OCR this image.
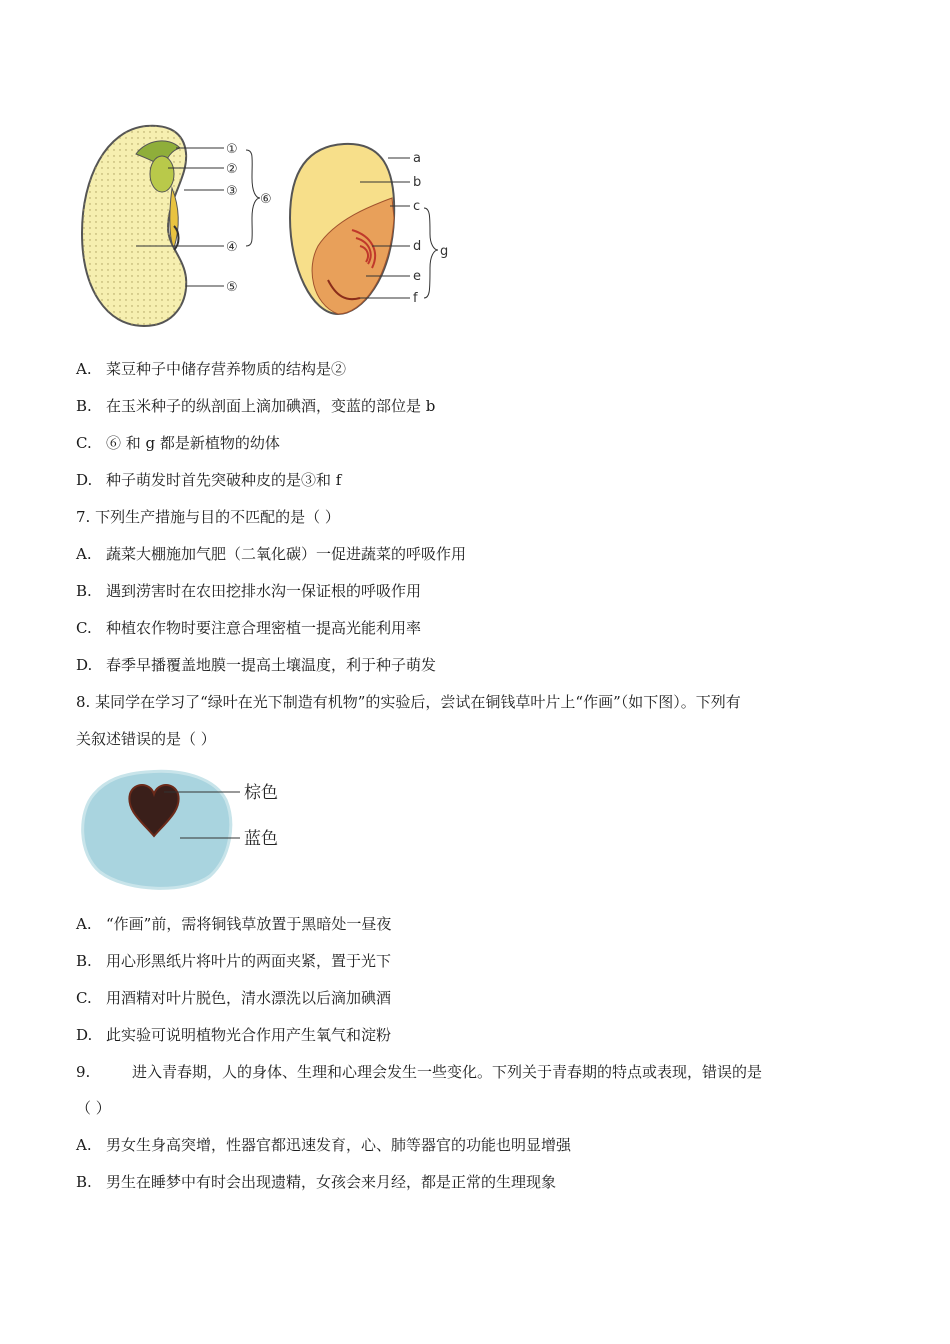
①
②
③
④
⑤
⑥
a
b
c
d
e
f
g
A. 菜豆种子中储存营养物质的结构是②
B. 在玉米种子的纵剖面上滴加碘酒，变蓝的部位是 b
C. ⑥ 和 g 都是新植物的幼体
D. 种子萌发时首先突破种皮的是③和 f
7. 下列生产措施与目的不匹配的是（ ）
A. 蔬菜大棚施加气肥（二氧化碳）一促进蔬菜的呼吸作用
B. 遇到涝害时在农田挖排水沟一保证根的呼吸作用
C. 种植农作物时要注意合理密植一提高光能利用率
D. 春季早播覆盖地膜一提高土壤温度，利于种子萌发
8. 某同学在学习了“绿叶在光下制造有机物”的实验后，尝试在铜钱草叶片上“作画”（如下图）。下列有
关叙述错误的是（ ）
棕色
蓝色
A. “作画”前，需将铜钱草放置于黑暗处一昼夜
B. 用心形黑纸片将叶片的两面夹紧，置于光下
C. 用酒精对叶片脱色，清水漂洗以后滴加碘酒
D. 此实验可说明植物光合作用产生氧气和淀粉
9.	进入青春期，人的身体、生理和心理会发生一些变化。下列关于青春期的特点或表现，错误的是
（ ）
A. 男女生身高突增，性器官都迅速发育，心、肺等器官的功能也明显增强
B. 男生在睡梦中有时会出现遗精，女孩会来月经，都是正常的生理现象
